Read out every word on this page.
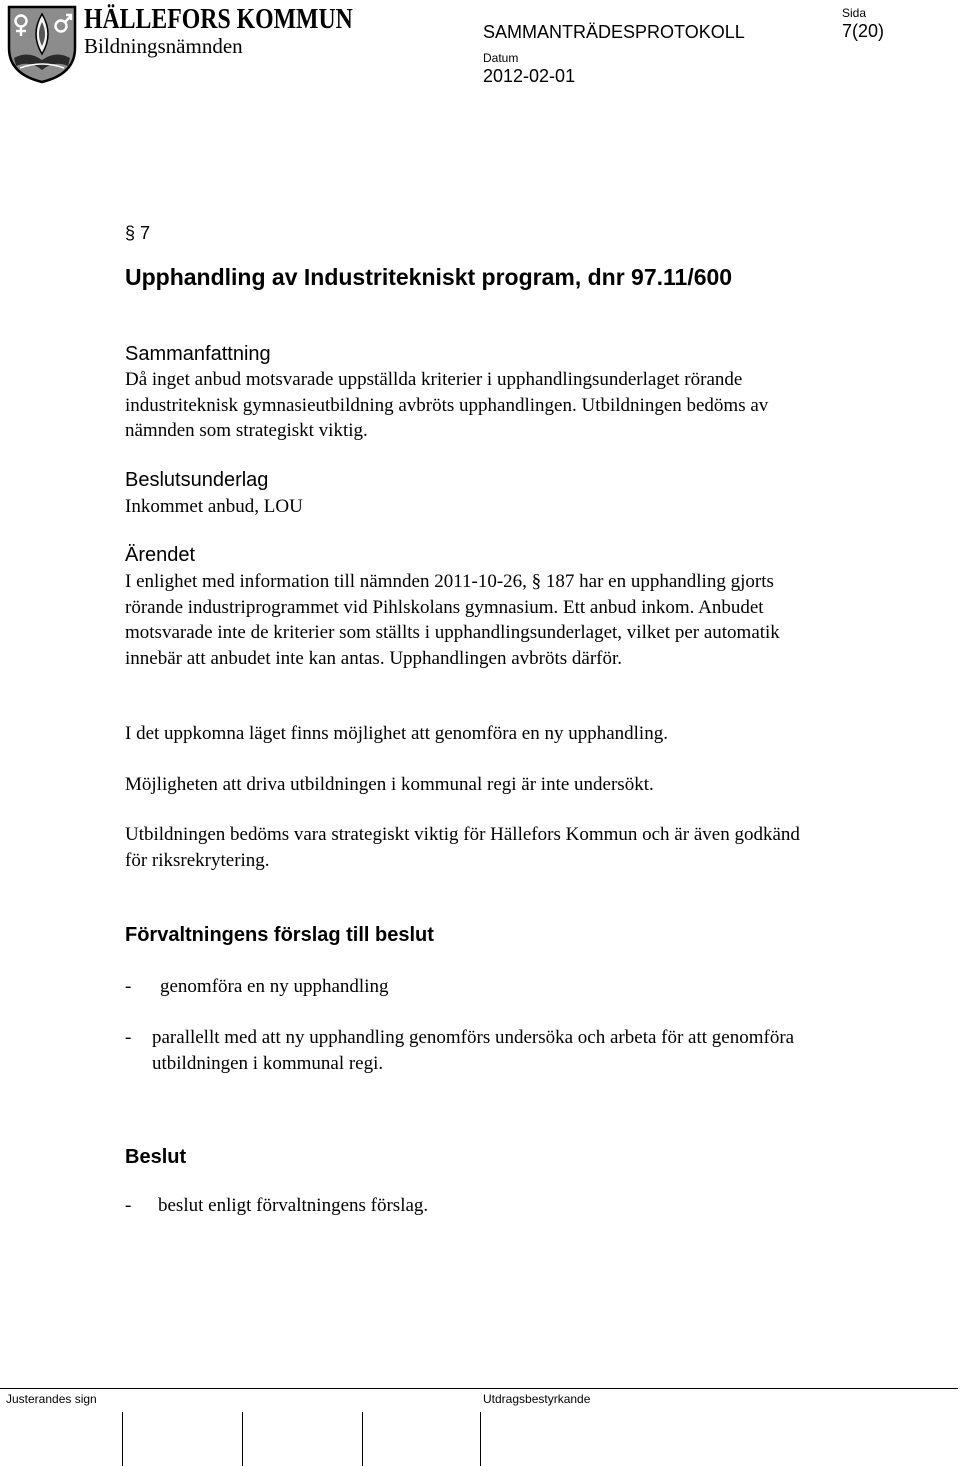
HÄLLEFORS KOMMUN
Bildningsnämnden
SAMMANTRÄDESPROTOKOLL
Sida
7(20)
Datum
2012-02-01
§ 7
Upphandling av Industritekniskt program, dnr 97.11/600
Sammanfattning
Då inget anbud motsvarade uppställda kriterier i upphandlingsunderlaget rörande industriteknisk gymnasieutbildning avbröts upphandlingen. Utbildningen bedöms av nämnden som strategiskt viktig.
Beslutsunderlag
Inkommet anbud, LOU
Ärendet
I enlighet med information till nämnden 2011-10-26, § 187 har en upphandling gjorts rörande industriprogrammet vid Pihlskolans gymnasium. Ett anbud inkom. Anbudet motsvarade inte de kriterier som ställts i upphandlingsunderlaget, vilket per automatik innebär att anbudet inte kan antas. Upphandlingen avbröts därför.
I det uppkomna läget finns möjlighet att genomföra en ny upphandling.
Möjligheten att driva utbildningen i kommunal regi är inte undersökt.
Utbildningen bedöms vara strategiskt viktig för Hällefors Kommun och är även godkänd för riksrekrytering.
Förvaltningens förslag till beslut
-	genomföra en ny upphandling
-	parallellt med att ny upphandling genomförs undersöka och arbeta för att genomföra utbildningen i kommunal regi.
Beslut
-	beslut enligt förvaltningens förslag.
Justerandes sign	Utdragsbestyrkande
